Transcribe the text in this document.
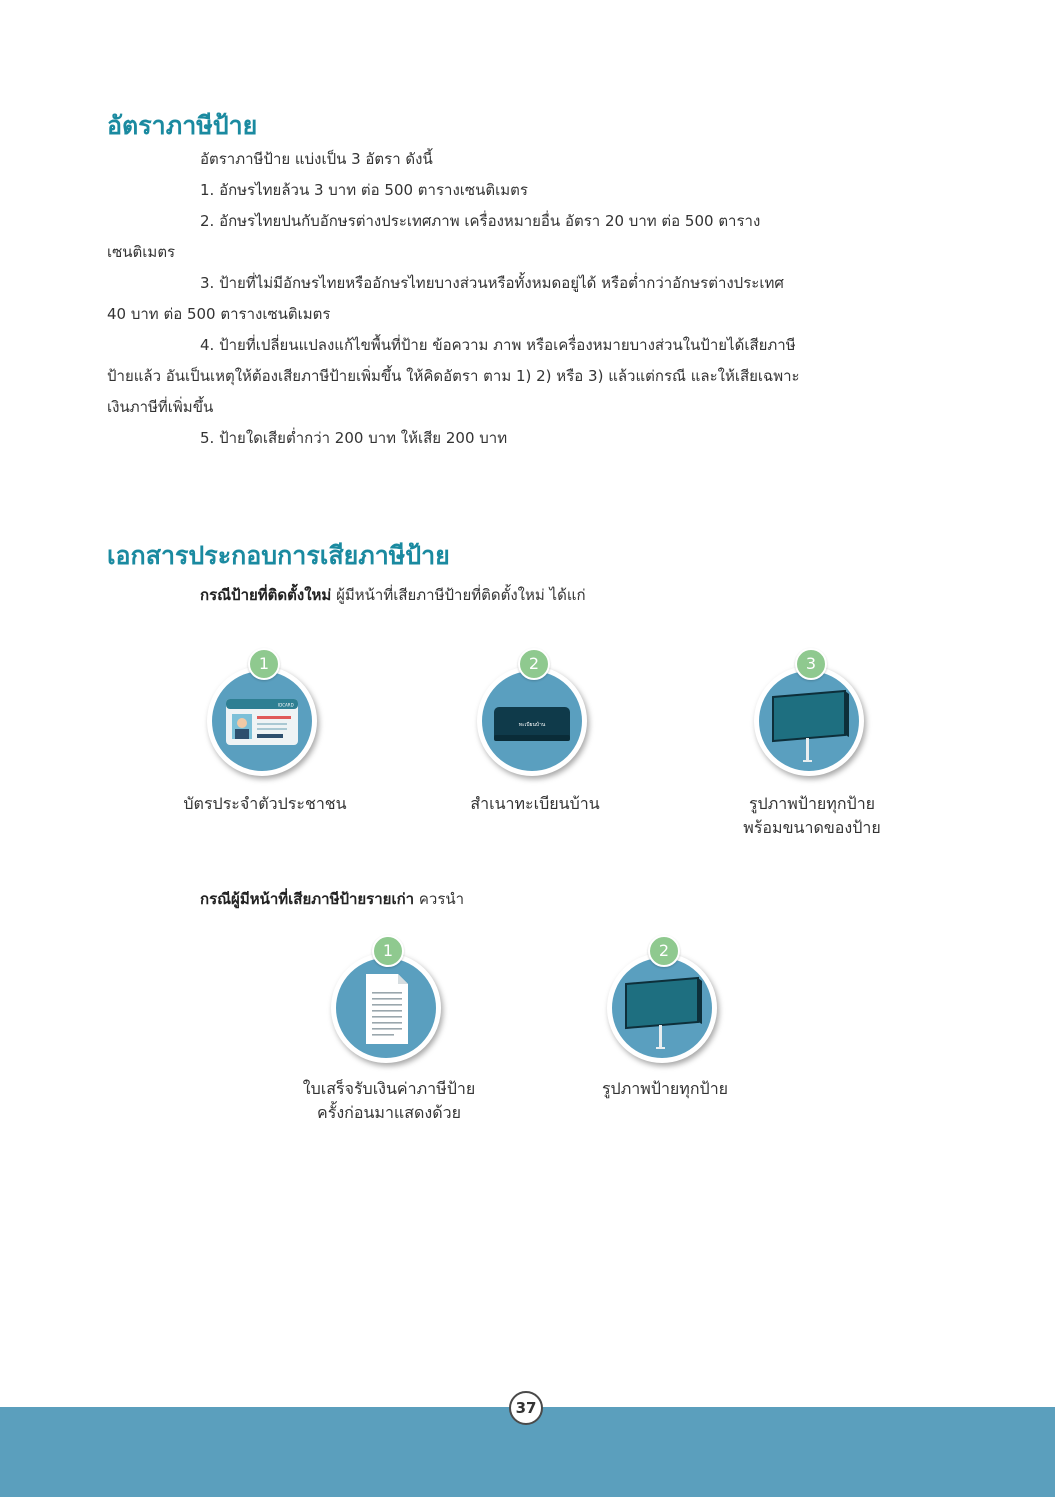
อัตราภาษีป้าย

อัตราภาษีป้าย แบ่งเป็น 3 อัตรา ดังนี้

1. อักษรไทยล้วน 3 บาท ต่อ 500 ตารางเซนติเมตร

2. อักษรไทยปนกับอักษรต่างประเทศภาพ เครื่องหมายอื่น อัตรา 20 บาท ต่อ 500 ตาราง

เซนติเมตร

3. ป้ายที่ไม่มีอักษรไทยหรืออักษรไทยบางส่วนหรือทั้งหมดอยู่ได้ หรือต่ำกว่าอักษรต่างประเทศ

40 บาท ต่อ 500 ตารางเซนติเมตร

4. ป้ายที่เปลี่ยนแปลงแก้ไขพื้นที่ป้าย ข้อความ ภาพ หรือเครื่องหมายบางส่วนในป้ายได้เสียภาษี

ป้ายแล้ว อันเป็นเหตุให้ต้องเสียภาษีป้ายเพิ่มขึ้น ให้คิดอัตรา ตาม 1) 2) หรือ 3) แล้วแต่กรณี และให้เสียเฉพาะ

เงินภาษีที่เพิ่มขึ้น

5. ป้ายใดเสียต่ำกว่า 200 บาท ให้เสีย 200 บาท

เอกสารประกอบการเสียภาษีป้าย
กรณีป้ายที่ติดตั้งใหม่ ผู้มีหน้าที่เสียภาษีป้ายที่ติดตั้งใหม่ ได้แก่
1
IDCARD
บัตรประจำตัวประชาชน
2
ทะเบียนบ้าน
สำเนาทะเบียนบ้าน
3
รูปภาพป้ายทุกป้าย
พร้อมขนาดของป้าย
กรณีผู้มีหน้าที่เสียภาษีป้ายรายเก่า ควรนำ
1
ใบเสร็จรับเงินค่าภาษีป้าย
ครั้งก่อนมาแสดงด้วย
2
รูปภาพป้ายทุกป้าย
37
